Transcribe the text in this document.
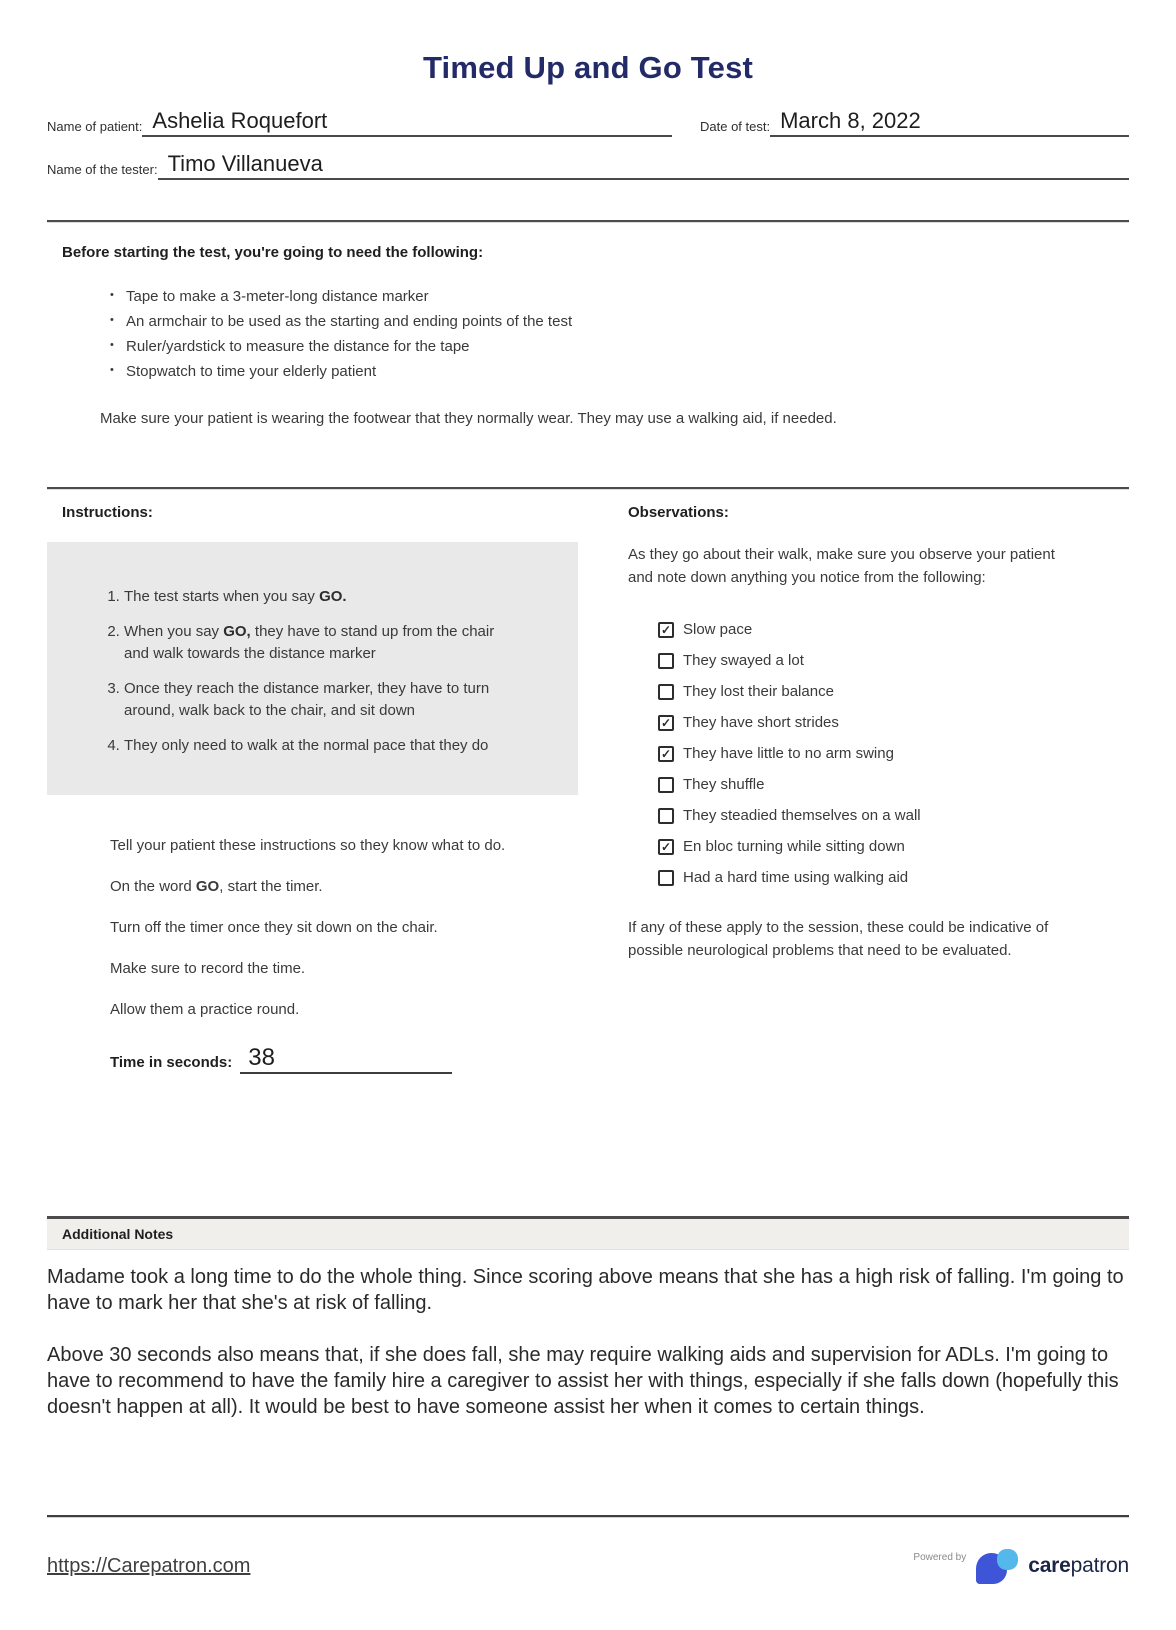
Timed Up and Go Test
Name of patient: Ashelia Roquefort	Date of test: March 8, 2022
Name of the tester: Timo Villanueva
Before starting the test, you're going to need the following:
• Tape to make a 3-meter-long distance marker
• An armchair to be used as the starting and ending points of the test
• Ruler/yardstick to measure the distance for the tape
• Stopwatch to time your elderly patient

Make sure your patient is wearing the footwear that they normally wear. They may use a walking aid, if needed.

Instructions:
1. The test starts when you say GO.
2. When you say GO, they have to stand up from the chair and walk towards the distance marker
3. Once they reach the distance marker, they have to turn around, walk back to the chair, and sit down
4. They only need to walk at the normal pace that they do

Tell your patient these instructions so they know what to do.

On the word GO, start the timer.

Turn off the timer once they sit down on the chair.

Make sure to record the time.

Allow them a practice round.

Time in seconds: 38
Observations:

As they go about their walk, make sure you observe your patient and note down anything you notice from the following:

✓
Slow pace
They swayed a lot
They lost their balance
✓
They have short strides
✓
They have little to no arm swing
They shuffle
They steadied themselves on a wall
✓
En bloc turning while sitting down
Had a hard time using walking aid

If any of these apply to the session, these could be indicative of possible neurological problems that need to be evaluated.

Additional Notes

Madame took a long time to do the whole thing. Since scoring above means that she has a high risk of falling. I'm going to have to mark her that she's at risk of falling.

Above 30 seconds also means that, if she does fall, she may require walking aids and supervision for ADLs. I'm going to have to recommend to have the family hire a caregiver to assist her with things, especially if she falls down (hopefully this doesn't happen at all). It would be best to have someone assist her when it comes to certain things.

https://Carepatron.com	Powered by	carepatron
